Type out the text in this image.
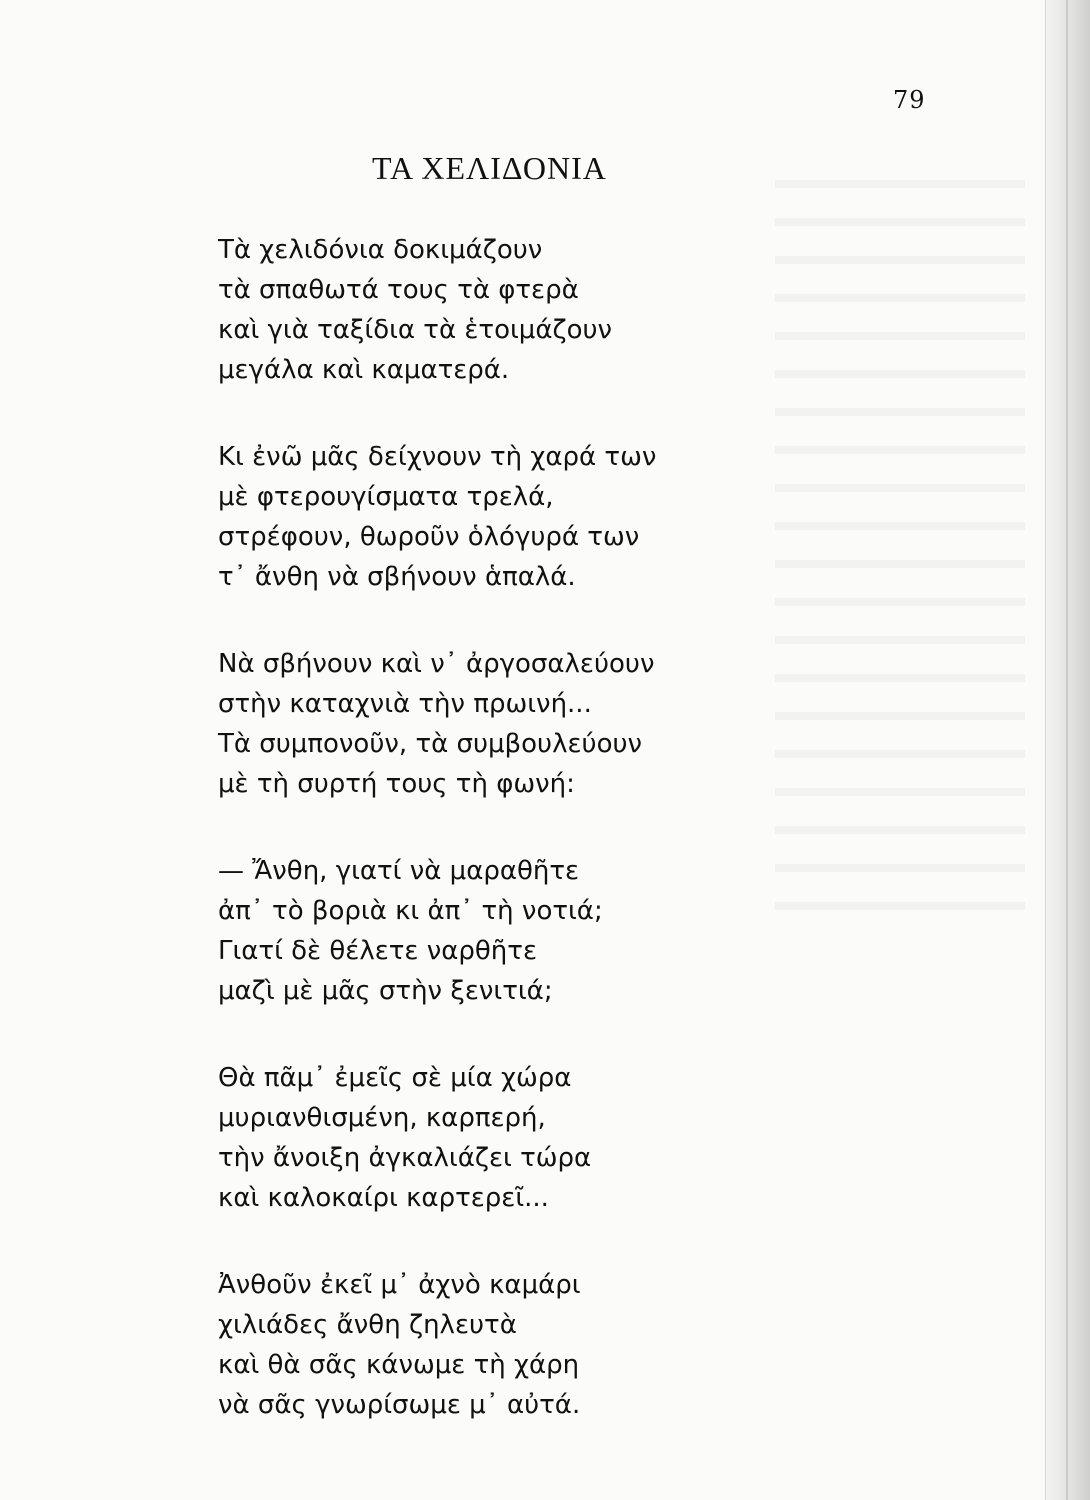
79
ΤΑ ΧΕΛΙΔΟΝΙΑ
Τὰ χελιδόνια δοκιμάζουν
τὰ σπαθωτά τους τὰ φτερὰ
καὶ γιὰ ταξίδια τὰ ἑτοιμάζουν
μεγάλα καὶ καματερά.
Κι ἐνῶ μᾶς δείχνουν τὴ χαρά των
μὲ φτερουγίσματα τρελά,
στρέφουν, θωροῦν ὁλόγυρά των
τ᾽ ἄνθη νὰ σβήνουν ἁπαλά.
Νὰ σβήνουν καὶ ν᾽ ἀργοσαλεύουν
στὴν καταχνιὰ τὴν πρωινή...
Τὰ συμπονοῦν, τὰ συμβουλεύουν
μὲ τὴ συρτή τους τὴ φωνή:
— Ἄνθη, γιατί νὰ μαραθῆτε
ἀπ᾽ τὸ βοριὰ κι ἀπ᾽ τὴ νοτιά;
Γιατί δὲ θέλετε ναρθῆτε
μαζὶ μὲ μᾶς στὴν ξενιτιά;
Θὰ πᾶμ᾽ ἐμεῖς σὲ μία χώρα
μυριανθισμένη, καρπερή,
τὴν ἄνοιξη ἀγκαλιάζει τώρα
καὶ καλοκαίρι καρτερεῖ...
Ἀνθοῦν ἐκεῖ μ᾽ ἀχνὸ καμάρι
χιλιάδες ἄνθη ζηλευτὰ
καὶ θὰ σᾶς κάνωμε τὴ χάρη
νὰ σᾶς γνωρίσωμε μ᾽ αὐτά.
